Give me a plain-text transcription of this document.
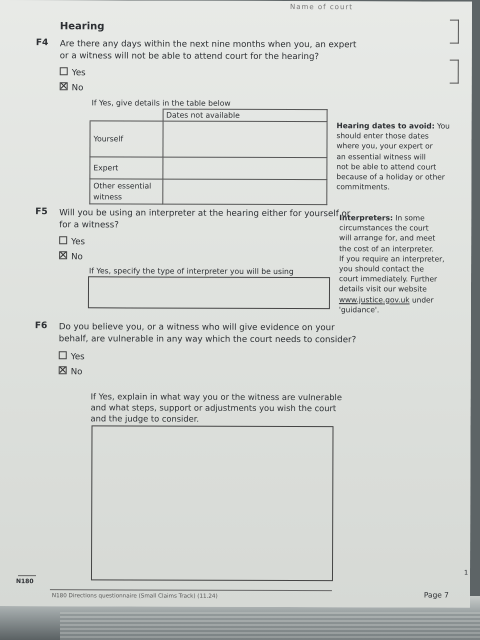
Name of court
Hearing
F4 Are there any days within the next nine months when you, an expert
or a witness will not be able to attend court for the hearing?
Yes
No
If Yes, give details in the table below
	Dates not available
Yourself	
Expert	

Other essential
witness	

Hearing dates to avoid: You
should enter those dates
where you, your expert or
an essential witness will
not be able to attend court
because of a holiday or other
commitments.
F5 Will you be using an interpreter at the hearing either for yourself or
for a witness?
Yes
No
If Yes, specify the type of interpreter you will be using
Interpreters: In some
circumstances the court
will arrange for, and meet
the cost of an interpreter.
If you require an interpreter,
you should contact the
court immediately. Further
details visit our website
www.justice.gov.uk under
'guidance'.
F6 Do you believe you, or a witness who will give evidence on your
behalf, are vulnerable in any way which the court needs to consider?
Yes
No
If Yes, explain in what way you or the witness are vulnerable
and what steps, support or adjustments you wish the court
and the judge to consider.
N180
N180 Directions questionnaire (Small Claims Track) (11.24)	Page 7
1
